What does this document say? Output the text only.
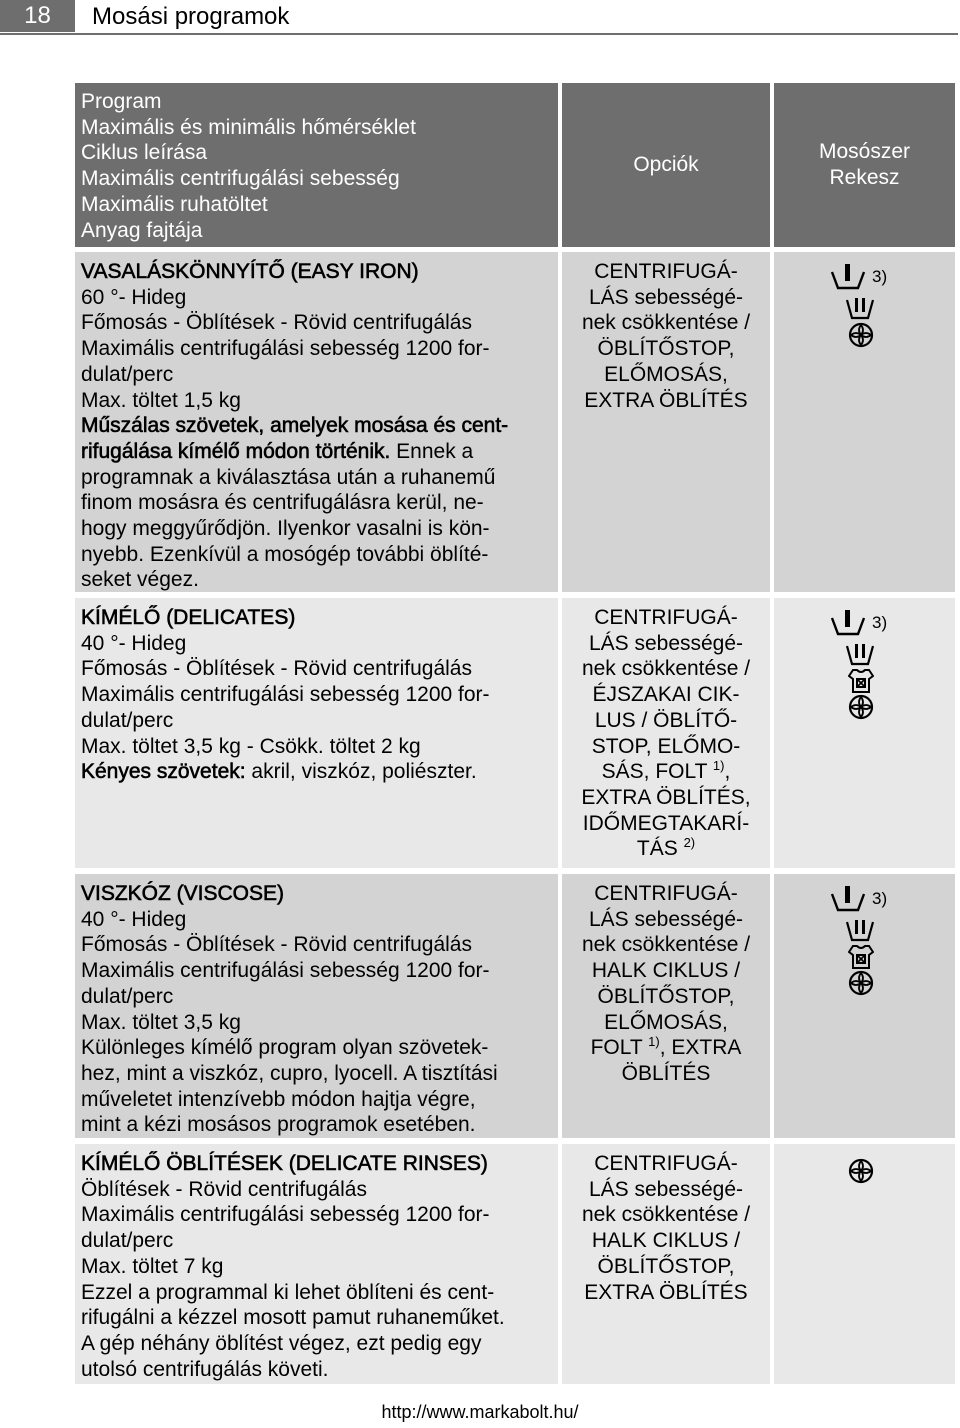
18	Mosási programok
Program
Maximális és minimális hőmérséklet
Ciklus leírása
Maximális centrifugálási sebesség
Maximális ruhatöltet
Anyag fajtája
Opciók
Mosószer
Rekesz
VASALÁSKÖNNYÍTŐ (EASY IRON)
60 °- Hideg
Főmosás - Öblítések - Rövid centrifugálás
Maximális centrifugálási sebesség 1200 for-
dulat/perc
Max. töltet 1,5 kg
Műszálas szövetek, amelyek mosása és cent-
rifugálása kímélő módon történik. Ennek a
programnak a kiválasztása után a ruhanemű
finom mosásra és centrifugálásra kerül, ne-
hogy meggyűrődjön. Ilyenkor vasalni is kön-
nyebb. Ezenkívül a mosógép további öblíté-
seket végez.
CENTRIFUGÁ-
LÁS sebességé-
nek csökkentése /
ÖBLÍTŐSTOP,
ELŐMOSÁS,
EXTRA ÖBLÍTÉS
3)
KÍMÉLŐ (DELICATES)
40 °- Hideg
Főmosás - Öblítések - Rövid centrifugálás
Maximális centrifugálási sebesség 1200 for-
dulat/perc
Max. töltet 3,5 kg - Csökk. töltet 2 kg
Kényes szövetek: akril, viszkóz, poliészter.
CENTRIFUGÁ-
LÁS sebességé-
nek csökkentése /
ÉJSZAKAI CIK-
LUS / ÖBLÍTŐ-
STOP, ELŐMO-
SÁS, FOLT $^{1)}$,
EXTRA ÖBLÍTÉS,
IDŐMEGTAKARÍ-
TÁS $^{2)}$
3)
VISZKÓZ (VISCOSE)
40 °- Hideg
Főmosás - Öblítések - Rövid centrifugálás
Maximális centrifugálási sebesség 1200 for-
dulat/perc
Max. töltet 3,5 kg
Különleges kímélő program olyan szövetek-
hez, mint a viszkóz, cupro, lyocell. A tisztítási
műveletet intenzívebb módon hajtja végre,
mint a kézi mosásos programok esetében.
CENTRIFUGÁ-
LÁS sebességé-
nek csökkentése /
HALK CIKLUS /
ÖBLÍTŐSTOP,
ELŐMOSÁS,
FOLT $^{1)}$, EXTRA
ÖBLÍTÉS
3)
KÍMÉLŐ ÖBLÍTÉSEK (DELICATE RINSES)
Öblítések - Rövid centrifugálás
Maximális centrifugálási sebesség 1200 for-
dulat/perc
Max. töltet 7 kg
Ezzel a programmal ki lehet öblíteni és cent-
rifugálni a kézzel mosott pamut ruhaneműket.
A gép néhány öblítést végez, ezt pedig egy
utolsó centrifugálás követi.
CENTRIFUGÁ-
LÁS sebességé-
nek csökkentése /
HALK CIKLUS /
ÖBLÍTŐSTOP,
EXTRA ÖBLÍTÉS
http://www.markabolt.hu/
